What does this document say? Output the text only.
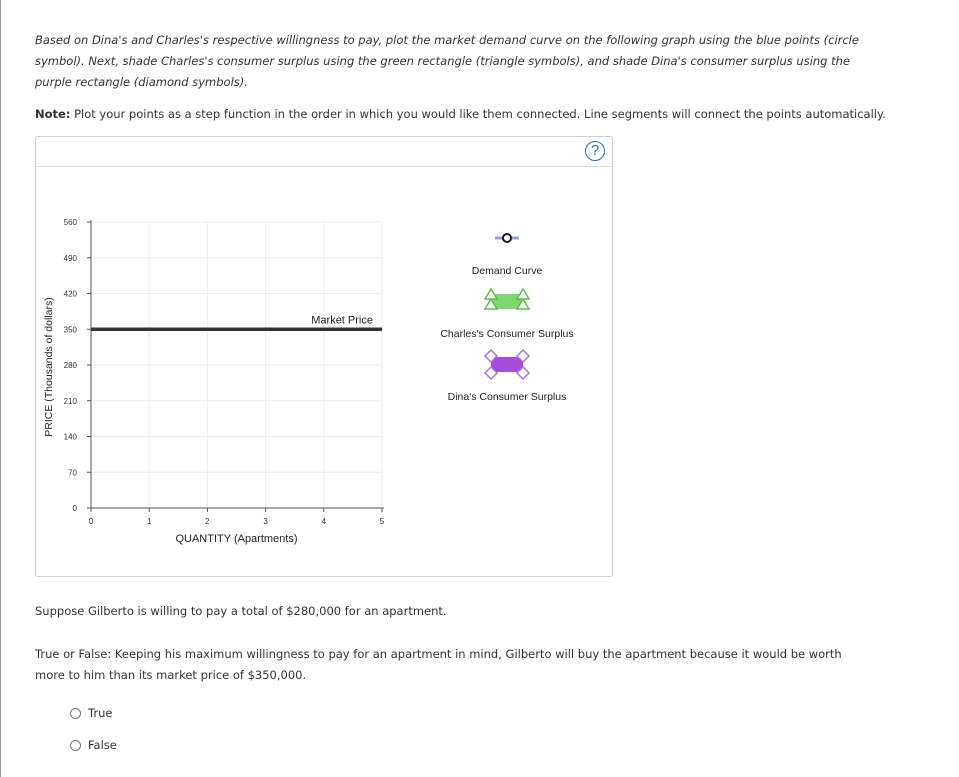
Based on Dina's and Charles's respective willingness to pay, plot the market demand curve on the following graph using the blue points (circle symbol). Next, shade Charles's consumer surplus using the green rectangle (triangle symbols), and shade Dina's consumer surplus using the purple rectangle (diamond symbols).
Note: Plot your points as a step function in the order in which you would like them connected. Line segments will connect the points automatically.
?
0
70
140
210
280
350
420
490
560
0	1	2	3	4	5
Market Price
PRICE (Thousands of dollars)
QUANTITY (Apartments)
Demand Curve
Charles's Consumer Surplus
Dina's Consumer Surplus
Suppose Gilberto is willing to pay a total of $280,000 for an apartment.
True or False: Keeping his maximum willingness to pay for an apartment in mind, Gilberto will buy the apartment because it would be worth more to him than its market price of $350,000.
True
False
